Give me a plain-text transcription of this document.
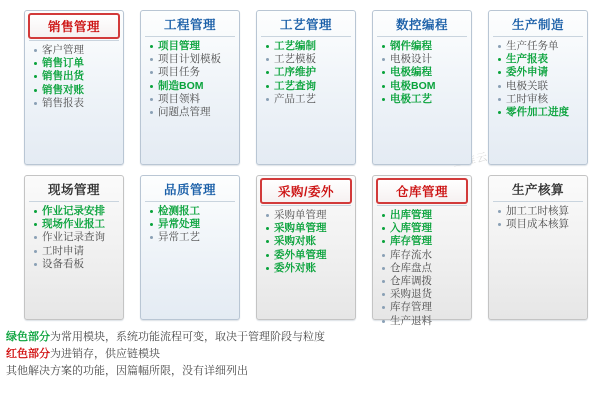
销售管理
客户管理
销售订单
销售出货
销售对账
销售报表
工程管理
项目管理
项目计划模板
项目任务
制造BOM
项目领料
问题点管理
工艺管理
工艺编制
工艺模板
工序维护
工艺查询
产品工艺
数控编程
钢件编程
电极设计
电极编程
电极BOM
电极工艺
生产制造
生产任务单
生产报表
委外申请
电极关联
工时审核
零件加工进度
现场管理
作业记录安排
现场作业报工
作业记录查询
工时申请
设备看板
品质管理
检测报工
异常处理
异常工艺
采购/委外
采购单管理
采购单管理
采购对账
委外单管理
委外对账
仓库管理
出库管理
入库管理
库存管理
库存流水
仓库盘点
仓库调拨
采购退货
库存管理
生产退料
生产核算
加工工时核算
项目成本核算

绿色部分为常用模块，系统功能流程可变，取决于管理阶段与粒度

红色部分为进销存，供应链模块

其他解决方案的功能，因篇幅所限，没有详细列出
